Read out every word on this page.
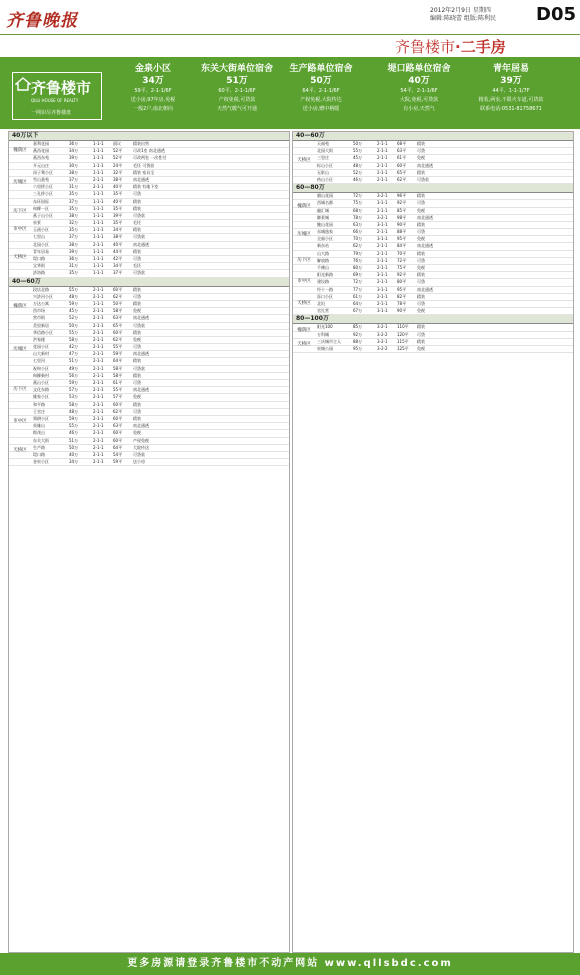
齐鲁晚报
2012年2月9日 星期四
编辑:陈晓蕾 组版:陈利民 D05
齐鲁楼市·二手房
齐鲁楼市
QILU HOUSE OF REALTY
一网识尽齐鲁楼盘
金泉小区
34万
59平、2-1-1/6F
送小房,97年房,免税
一般2户,南北朝向
东关大街单位宿舍
51万
60平、2-1-1/6F
产权免税,可贷款
天然气暖气可开通
生产路单位宿舍
50万
64平、2-1-1/6F
产权免税,大院传达
送小房,赠中柄暖
堤口路单位宿舍
40万
54平、2-1-1/6F
大院,免税,可贷款
有小房,天然气
青年居易
39万
44平、1-1-1/7F
精装,两室,不限火车道,可贷款
联系电话:0531-81758671
40万以下
嘉利花园	36万	1-1-1 面议	精装出售
燕西花园	34万	1-1-1 52平	可改1室 南北通透
燕西东苑	39万	1-1-1 52平	可改两室 一次性付
槐荫区
开元山庄	30万	1-1-1 24平	毛坯 可贷款
闵子骞小区	38万	1-1-1 32平	精装 家具全
雪山嘉苑	37万	2-1-1 38平	南北通透
六里桥小区	31万	2-1-1 40平	精装 有地下室
三孔桥小区	35万	1-1-1 35平	可贷
东环国际	37万	1-1-1 40平	精装
历城区
甸柳一区	35万	1-1-1 35平	精装
燕子山小区	38万	1-1-1 39平	可贷款
历下区
泉景	32万	1-1-1 35平	毛坯
玉函小区	35万	1-1-1 34平	精装
七里山	37万	1-1-1 38平	可贷款
市中区
北园小区	38万	2-1-1 40平	南北通透
青年居易	39万	1-1-1 44平	精装
堤口路	36万	1-1-1 42平	可贷
宝华街	31万	1-1-1 34平	毛坯
济洛路	35万	1-1-1 37平	可贷款
天桥区
40—60万
段店北路	55万	2-1-1 60平	精装
兴济河小区	48万	2-1-1 62平	可贷
万达公寓	59万	1-1-1 50平	精装
西市场	45万	2-1-1 58平	免税
营市街	52万	2-1-1 63平	南北通透
美里新居	50万	2-1-1 65平	可贷款
槐荫区
华信路小区	55万	2-1-1 60平	精装
洪家楼	58万	2-1-1 62平	免税
花园小区	42万	2-1-1 55平	可贷
山大新村	47万	2-1-1 59平	南北通透
七里河	51万	2-1-1 64平	精装
祝甸小区	49万	2-1-1 58平	可贷款
历城区
甸柳新村	56万	2-1-1 58平	精装
燕山小区	59万	2-1-1 61平	可贷
文化东路	57万	2-1-1 55平	南北通透
姚家小区	53万	2-1-1 57平	免税
和平路	58万	2-1-1 60平	精装
历下区
王官庄	48万	2-1-1 62平	可贷
舜耕小区	59万	2-1-1 60平	精装
英雄山	55万	2-1-1 63平	南北通透
郎茂山	46万	2-1-1 60平	免税
市中区
东关大街	51万	2-1-1 60平	产权免税
生产路	50万	2-1-1 64平	大院传达
堤口路	40万	2-1-1 54平	可贷款
金泉小区	34万	2-1-1 59平	送小房
天桥区
40—60万
天福苑	50万	2-1-1 68平	精装
北园大街	55万	2-1-1 63平	可贷
三里庄	45万	2-1-1 61平	免税
标山小区	48万	2-1-1 60平	南北通透
无影山	52万	2-1-1 65平	精装
药山小区	46万	2-1-1 62平	可贷款
天桥区
60—80万
腊山花园	72万	3-2-1 96平	精装
西城名郡	75万	3-1-1 92平	可贷
融汇城	68万	2-1-1 85平	免税
御景城	78万	3-2-1 98平	南北通透
槐荫区
鲍山花园	63万	3-1-1 90平	精装
东城逸家	66万	2-1-1 88平	可贷
全福小区	70万	3-1-1 95平	免税
新东站	62万	2-1-1 84平	南北通透
历城区
山大路	79万	2-1-1 70平	精装
解放路	76万	2-1-1 72平	可贷
千佛山	80万	2-1-1 75平	免税
历下区
阳光新路	69万	3-1-1 92平	精装
建设路	72万	2-1-1 80平	可贷
经十一路	77万	3-1-1 95平	南北通透
市中区
泺口小区	61万	2-1-1 82平	精装
北坦	64万	2-1-1 78平	可贷
官扎营	67万	3-1-1 90平	免税
天桥区
80—100万
阳光100	85万	3-2-1 110平 精装
万科城	92万	3-2-2 120平 可贷
槐荫区
三庆城市主人	88万	3-2-1 115平 精装
泉城公园	95万	3-2-2 125平 免税
天桥区
更多房源请登录齐鲁楼市不动产网站 www.qllsbdc.com
